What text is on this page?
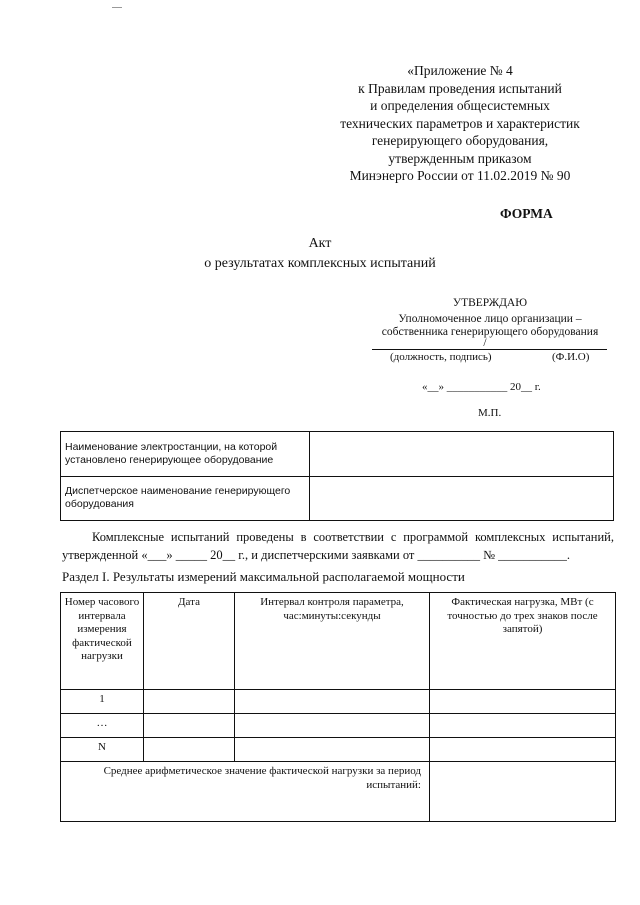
«Приложение № 4
к Правилам проведения испытаний
и определения общесистемных
технических параметров и характеристик
генерирующего оборудования,
утвержденным приказом
Минэнерго России от 11.02.2019 № 90
ФОРМА
Акт
о результатах комплексных испытаний
УТВЕРЖДАЮ
Уполномоченное лицо организации –
собственника генерирующего оборудования
/
(должность, подпись)	(Ф.И.О)
«__» ___________ 20__ г.
М.П.
Наименование электростанции, на которой установлено генерирующее оборудование	
Диспетчерское наименование генерирующего оборудования	
Комплексные испытаний проведены в соответствии с программой комплексных испытаний, утвержденной «___» _____ 20__ г., и диспетчерскими заявками от __________ № ___________.
Раздел I. Результаты измерений максимальной располагаемой мощности
Номер часового интервала измерения фактической нагрузки	Дата	Интервал контроля параметра, час:минуты:секунды	Фактическая нагрузка, МВт (с точностью до трех знаков после запятой)
1			
…			
N			
Среднее арифметическое значение фактической нагрузки за период испытаний:			
